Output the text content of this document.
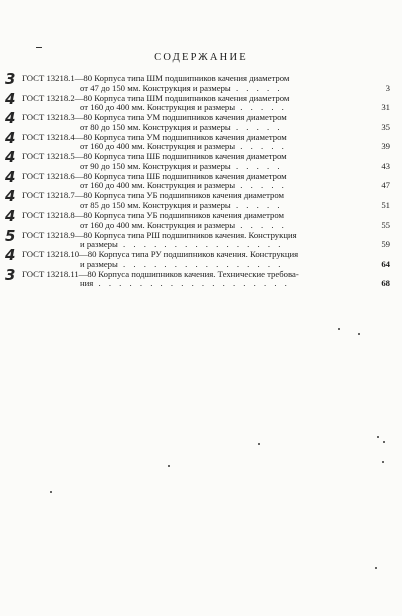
СОДЕРЖАНИЕ
3 ГОСТ 13218.1—80 Корпуса типа ШМ подшипников качения диаметром
от 47 до 150 мм. Конструкция и размеры . . . . .	3
4 ГОСТ 13218.2—80 Корпуса типа ШМ подшипников качения диаметром
от 160 до 400 мм. Конструкция и размеры . . . . .	31
4 ГОСТ 13218.3—80 Корпуса типа УМ подшипников качения диаметром
от 80 до 150 мм. Конструкция и размеры . . . . .	35
4 ГОСТ 13218.4—80 Корпуса типа УМ подшипников качения диаметром
от 160 до 400 мм. Конструкция и размеры . . . . .	39
4 ГОСТ 13218.5—80 Корпуса типа ШБ подшипников качения диаметром
от 90 до 150 мм. Конструкция и размеры . . . . .	43
4 ГОСТ 13218.6—80 Корпуса типа ШБ подшипников качения диаметром
от 160 до 400 мм. Конструкция и размеры . . . . .	47
4 ГОСТ 13218.7—80 Корпуса типа УБ подшипников качения диаметром
от 85 до 150 мм. Конструкция и размеры . . . . .	51
4 ГОСТ 13218.8—80 Корпуса типа УБ подшипников качения диаметром
от 160 до 400 мм. Конструкция и размеры . . . . .	55
5 ГОСТ 13218.9—80 Корпуса типа РШ подшипников качения. Конструкция
и размеры . . . . . . . . . . . . . . . .	59
4 ГОСТ 13218.10—80 Корпуса типа РУ подшипников качения. Конструкция
и размеры . . . . . . . . . . . . . . . .	64
3 ГОСТ 13218.11—80 Корпуса подшипников качения. Технические требова-
ния . . . . . . . . . . . . . . . . . . .	68
